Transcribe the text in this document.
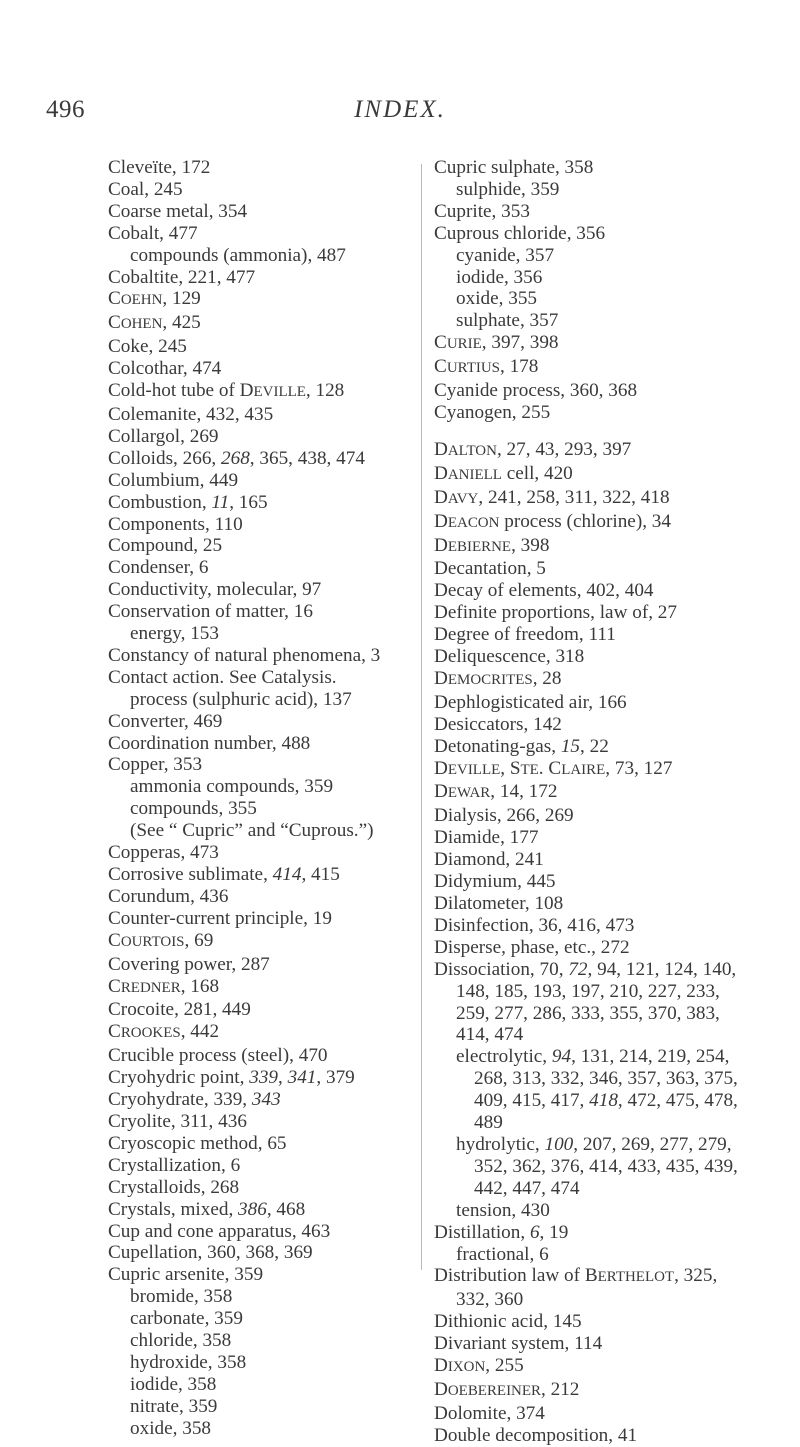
496	INDEX.
Cleveïte, 172
Coal, 245
Coarse metal, 354
Cobalt, 477
compounds (ammonia), 487
Cobaltite, 221, 477
COEHN, 129
COHEN, 425
Coke, 245
Colcothar, 474
Cold-hot tube of DEVILLE, 128
Colemanite, 432, 435
Collargol, 269
Colloids, 266, 268, 365, 438, 474
Columbium, 449
Combustion, 11, 165
Components, 110
Compound, 25
Condenser, 6
Conductivity, molecular, 97
Conservation of matter, 16
energy, 153
Constancy of natural phenomena, 3
Contact action. See Catalysis.
process (sulphuric acid), 137
Converter, 469
Coordination number, 488
Copper, 353
ammonia compounds, 359
compounds, 355
(See “ Cupric” and “Cuprous.”)
Copperas, 473
Corrosive sublimate, 414, 415
Corundum, 436
Counter-current principle, 19
COURTOIS, 69
Covering power, 287
CREDNER, 168
Crocoite, 281, 449
CROOKES, 442
Crucible process (steel), 470
Cryohydric point, 339, 341, 379
Cryohydrate, 339, 343
Cryolite, 311, 436
Cryoscopic method, 65
Crystallization, 6
Crystalloids, 268
Crystals, mixed, 386, 468
Cup and cone apparatus, 463
Cupellation, 360, 368, 369
Cupric arsenite, 359
bromide, 358
carbonate, 359
chloride, 358
hydroxide, 358
iodide, 358
nitrate, 359
oxide, 358
Cupric sulphate, 358
sulphide, 359
Cuprite, 353
Cuprous chloride, 356
cyanide, 357
iodide, 356
oxide, 355
sulphate, 357
CURIE, 397, 398
CURTIUS, 178
Cyanide process, 360, 368
Cyanogen, 255
DALTON, 27, 43, 293, 397
DANIELL cell, 420
DAVY, 241, 258, 311, 322, 418
DEACON process (chlorine), 34
DEBIERNE, 398
Decantation, 5
Decay of elements, 402, 404
Definite proportions, law of, 27
Degree of freedom, 111
Deliquescence, 318
DEMOCRITES, 28
Dephlogisticated air, 166
Desiccators, 142
Detonating-gas, 15, 22
DEVILLE, STE. CLAIRE, 73, 127
DEWAR, 14, 172
Dialysis, 266, 269
Diamide, 177
Diamond, 241
Didymium, 445
Dilatometer, 108
Disinfection, 36, 416, 473
Disperse, phase, etc., 272
Dissociation, 70, 72, 94, 121, 124, 140,
148, 185, 193, 197, 210, 227, 233,
259, 277, 286, 333, 355, 370, 383,
414, 474
electrolytic, 94, 131, 214, 219, 254,
268, 313, 332, 346, 357, 363, 375,
409, 415, 417, 418, 472, 475, 478,
489
hydrolytic, 100, 207, 269, 277, 279,
352, 362, 376, 414, 433, 435, 439,
442, 447, 474
tension, 430
Distillation, 6, 19
fractional, 6
Distribution law of BERTHELOT, 325,
332, 360
Dithionic acid, 145
Divariant system, 114
DIXON, 255
DOEBEREINER, 212
Dolomite, 374
Double decomposition, 41
